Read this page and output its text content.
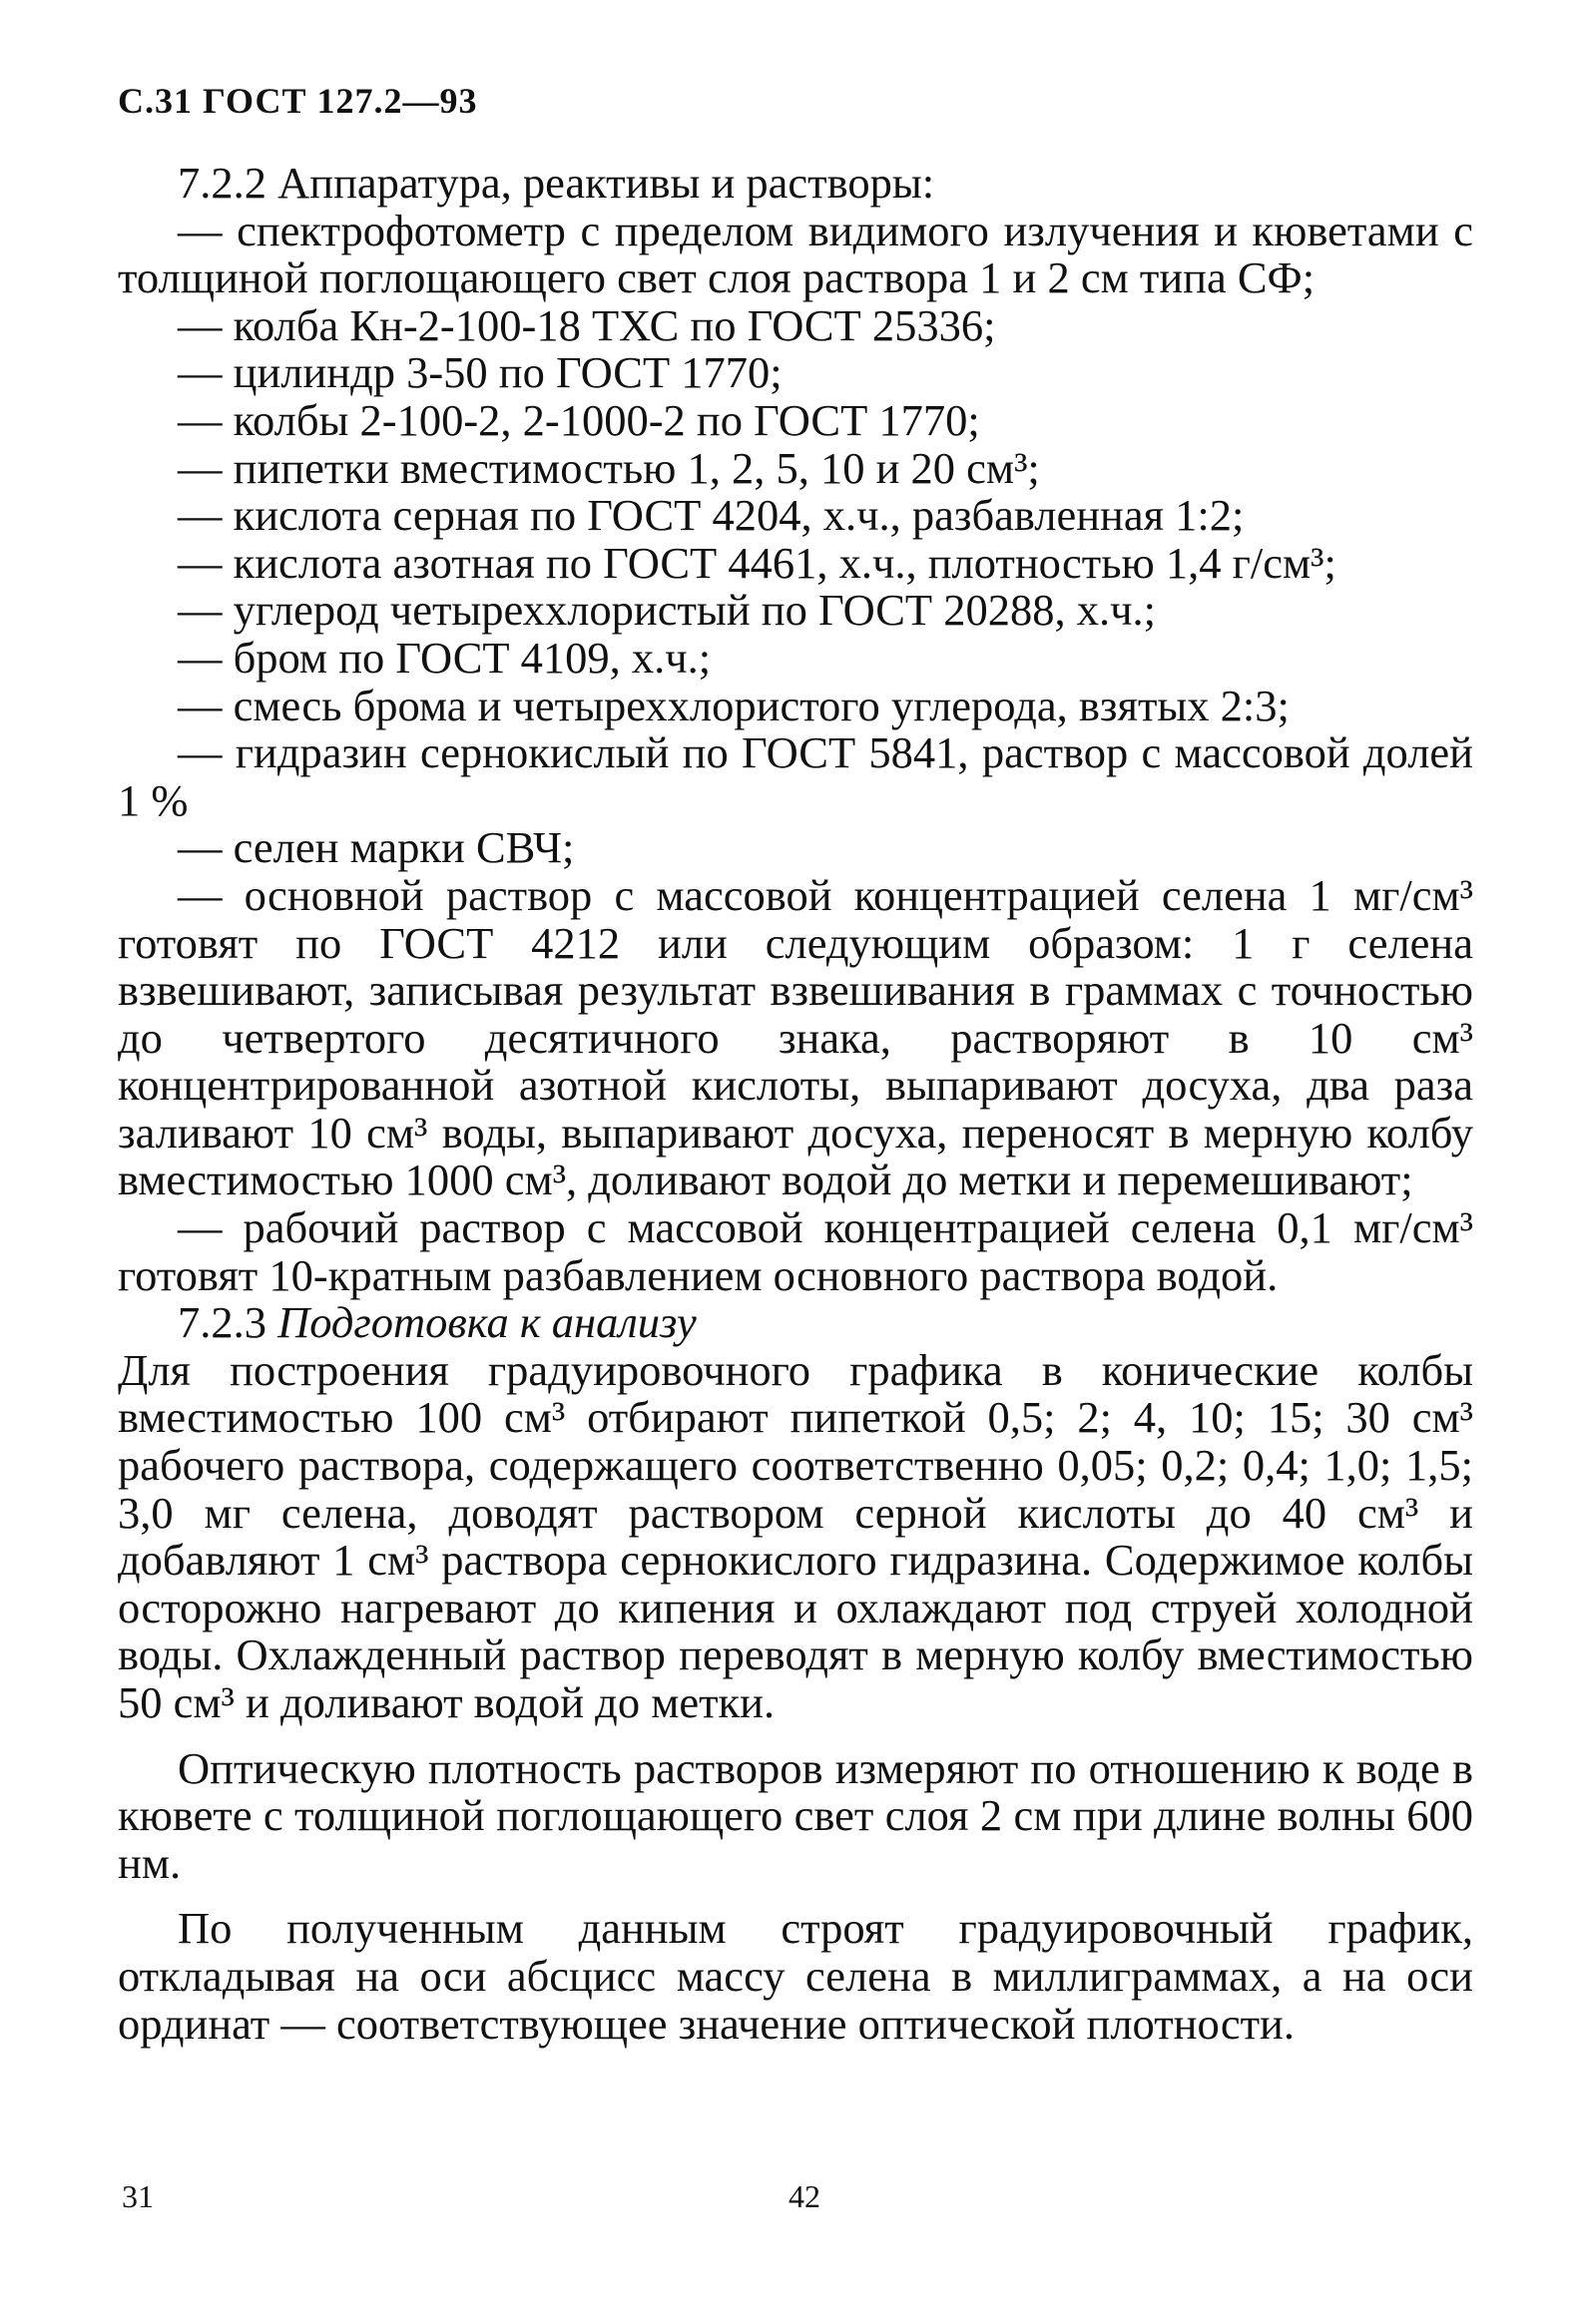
С.31 ГОСТ 127.2—93

7.2.2 Аппаратура, реактивы и растворы:

— спектрофотометр с пределом видимого излучения и кюветами с толщиной поглощающего свет слоя раствора 1 и 2 см типа СФ;

— колба Кн-2-100-18 ТХС по ГОСТ 25336;

— цилиндр 3-50 по ГОСТ 1770;

— колбы 2-100-2, 2-1000-2 по ГОСТ 1770;

— пипетки вместимостью 1, 2, 5, 10 и 20 см³;

— кислота серная по ГОСТ 4204, х.ч., разбавленная 1:2;

— кислота азотная по ГОСТ 4461, х.ч., плотностью 1,4 г/см³;

— углерод четыреххлористый по ГОСТ 20288, х.ч.;

— бром по ГОСТ 4109, х.ч.;

— смесь брома и четыреххлористого углерода, взятых 2:3;

— гидразин сернокислый по ГОСТ 5841, раствор с массовой долей 1 %

— селен марки СВЧ;

— основной раствор с массовой концентрацией селена 1 мг/см³ готовят по ГОСТ 4212 или следующим образом: 1 г селена взвешивают, записывая результат взвешивания в граммах с точностью до четвертого десятичного знака, растворяют в 10 см³ концентрированной азотной кислоты, выпаривают досуха, два раза заливают 10 см³ воды, выпаривают досуха, переносят в мерную колбу вместимостью 1000 см³, доливают водой до метки и перемешивают;

— рабочий раствор с массовой концентрацией селена 0,1 мг/см³ готовят 10-кратным разбавлением основного раствора водой.

7.2.3 Подготовка к анализу

Для построения градуировочного графика в конические колбы вместимостью 100 см³ отбирают пипеткой 0,5; 2; 4, 10; 15; 30 см³ рабочего раствора, содержащего соответственно 0,05; 0,2; 0,4; 1,0; 1,5; 3,0 мг селена, доводят раствором серной кислоты до 40 см³ и добавляют 1 см³ раствора сернокислого гидразина. Содержимое колбы осторожно нагревают до кипения и охлаждают под струей холодной воды. Охлажденный раствор переводят в мерную колбу вместимостью 50 см³ и доливают водой до метки.

Оптическую плотность растворов измеряют по отношению к воде в кювете с толщиной поглощающего свет слоя 2 см при длине волны 600 нм.

По полученным данным строят градуировочный график, откладывая на оси абсцисс массу селена в миллиграммах, а на оси ординат — соответствующее значение оптической плотности.

31	42
